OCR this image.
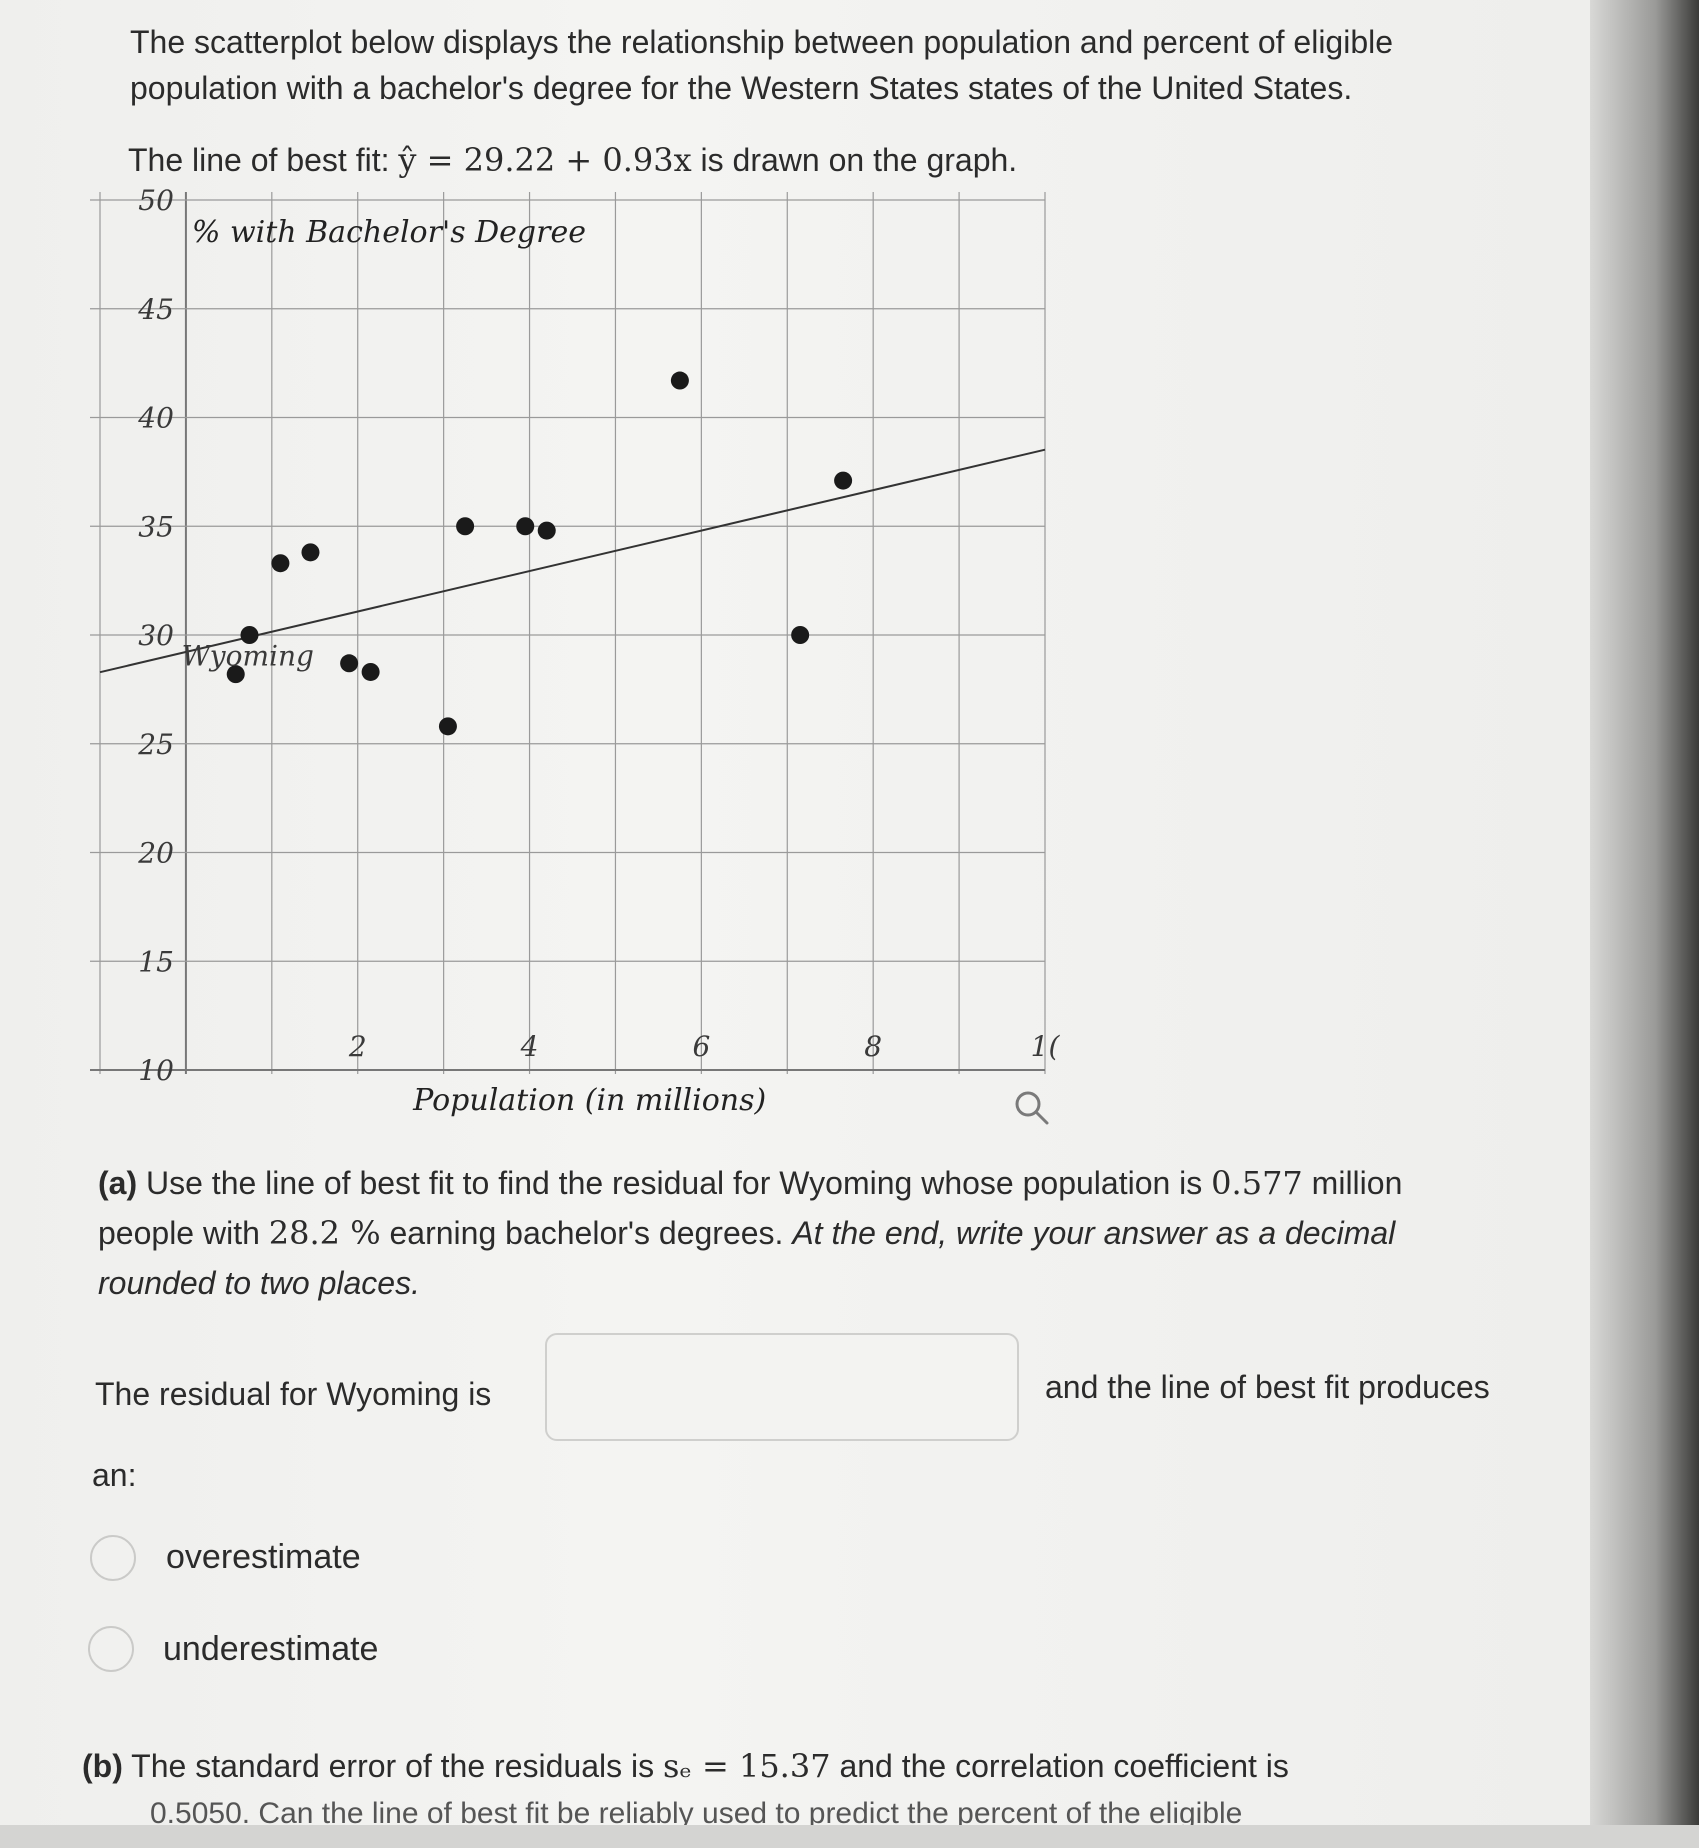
The scatterplot below displays the relationship between population and percent of eligible
population with a bachelor's degree for the Western States states of the United States.
The line of best fit: ŷ = 29.22 + 0.93x is drawn on the graph.
50
45
40
35
30
25
20
15
10
2	4	6	8	1(
% with Bachelor's Degree
Population (in millions)
Wyoming
(a) Use the line of best fit to find the residual for Wyoming whose population is 0.577 million
people with 28.2 % earning bachelor's degrees. At the end, write your answer as a decimal
rounded to two places.
The residual for Wyoming is	and the line of best fit produces
an:
overestimate
underestimate
(b) The standard error of the residuals is sₑ = 15.37 and the correlation coefficient is
